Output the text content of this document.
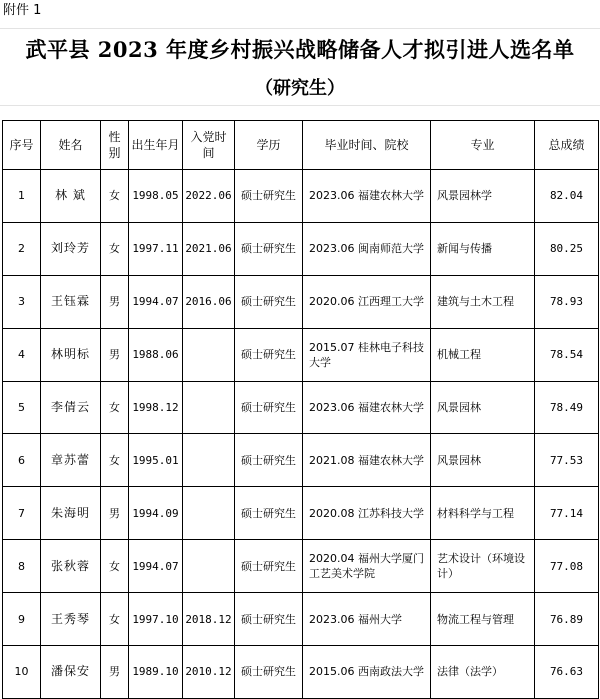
附件 1
武平县 2023 年度乡村振兴战略储备人才拟引进人选名单
（研究生）
序号	姓名	性别	出生年月	入党时间	学历	毕业时间、院校	专业	总成绩
1	林 斌	女	1998.05	2022.06	硕士研究生	2023.06 福建农林大学	风景园林学	82.04
2	刘玲芳	女	1997.11	2021.06	硕士研究生	2023.06 闽南师范大学	新闻与传播	80.25
3	王钰霖	男	1994.07	2016.06	硕士研究生	2020.06 江西理工大学	建筑与土木工程	78.93
4	林明标	男	1988.06		硕士研究生	2015.07 桂林电子科技大学	机械工程	78.54
5	李倩云	女	1998.12		硕士研究生	2023.06 福建农林大学	风景园林	78.49
6	章苏蕾	女	1995.01		硕士研究生	2021.08 福建农林大学	风景园林	77.53
7	朱海明	男	1994.09		硕士研究生	2020.08 江苏科技大学	材料科学与工程	77.14
8	张秋蓉	女	1994.07		硕士研究生	2020.04 福州大学厦门工艺美术学院	艺术设计（环境设计）	77.08
9	王秀琴	女	1997.10	2018.12	硕士研究生	2023.06 福州大学	物流工程与管理	76.89
10	潘保安	男	1989.10	2010.12	硕士研究生	2015.06 西南政法大学	法律（法学）	76.63
